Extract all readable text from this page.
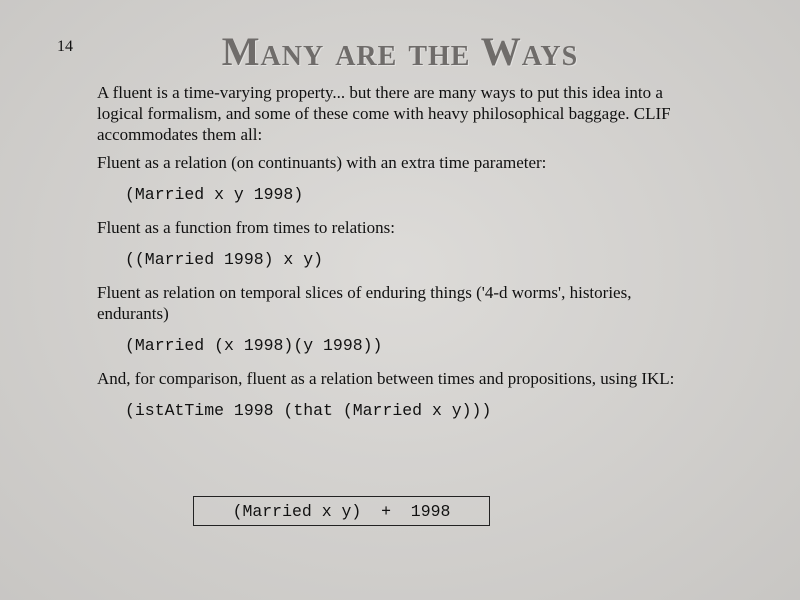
14	Many are the Ways

A fluent is a time-varying property... but there are many ways to put this idea into a logical formalism, and some of these come with heavy philosophical baggage. CLIF accommodates them all:

Fluent as a relation (on continuants) with an extra time parameter:

(Married x y 1998)

Fluent as a function from times to relations:

((Married 1998) x y)

Fluent as relation on temporal slices of enduring things ('4-d worms', histories, endurants)

(Married (x 1998)(y 1998))

And, for comparison, fluent as a relation between times and propositions, using IKL:

(istAtTime 1998 (that (Married x y)))
(Married x y)  +  1998
